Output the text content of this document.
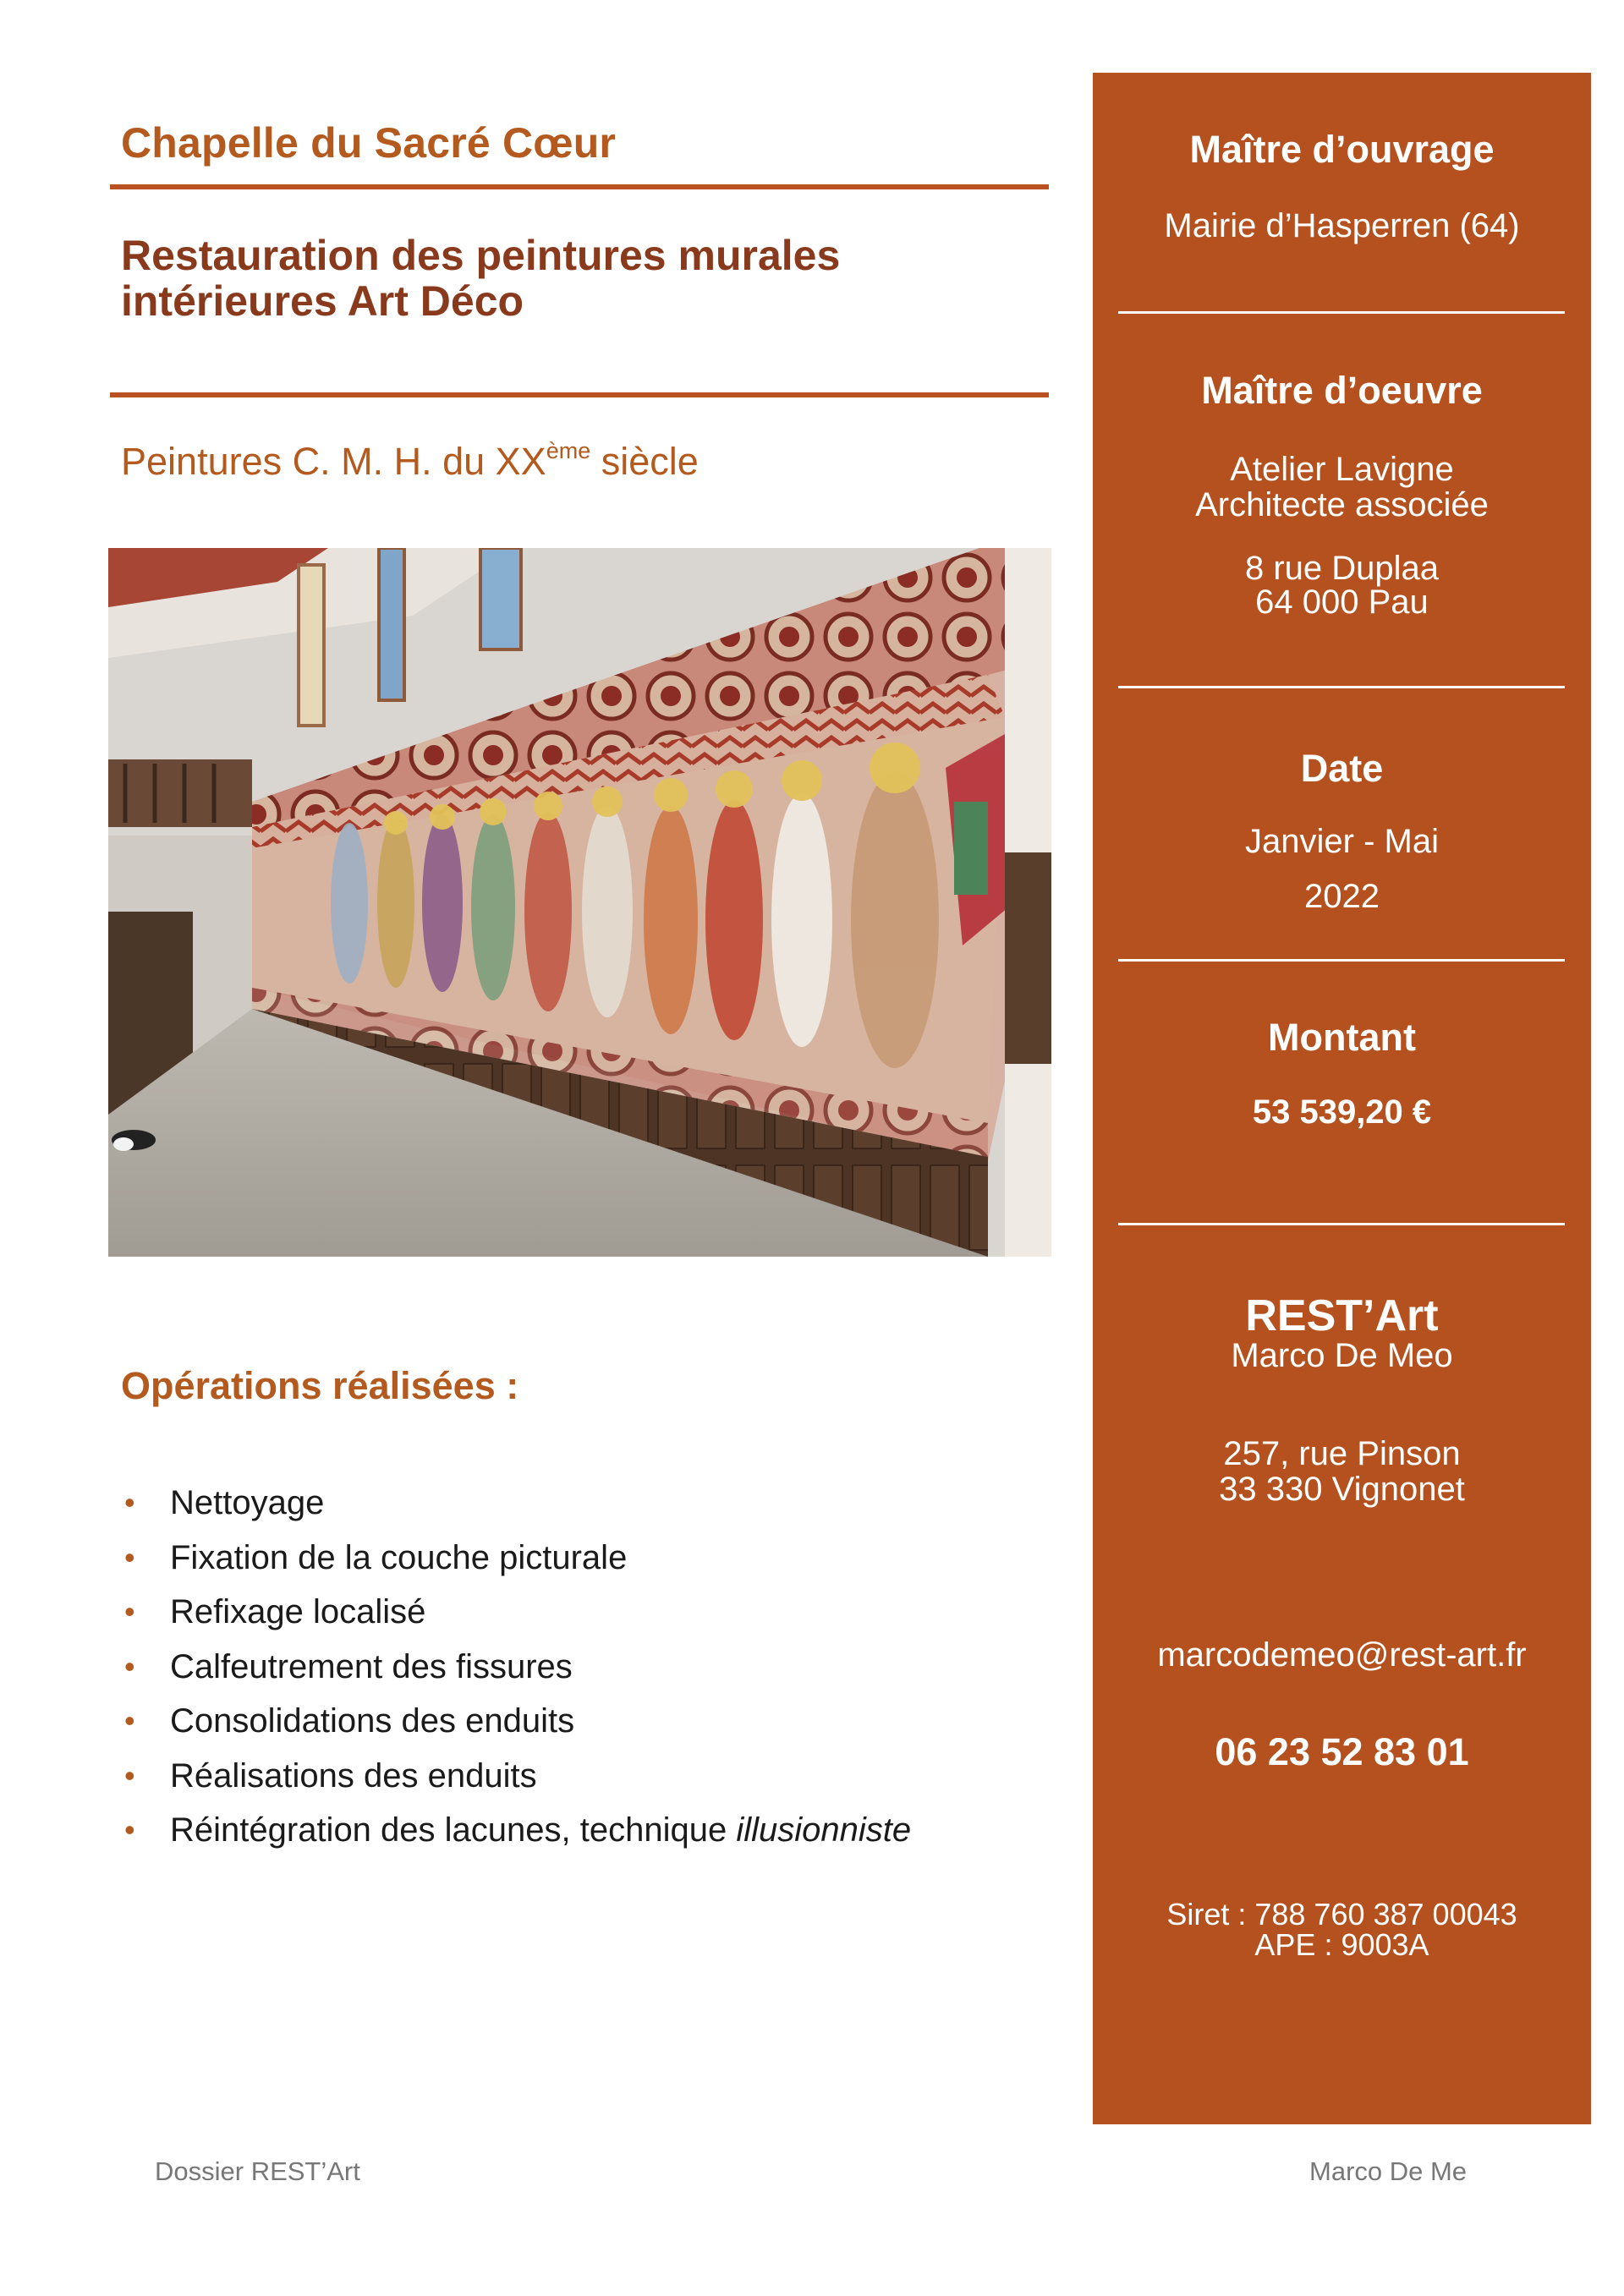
Chapelle du Sacré Cœur
Restauration des peintures murales
intérieures Art Déco

Peintures C. M. H. du XXème siècle

Opérations réalisées :
• Nettoyage
• Fixation de la couche picturale
• Refixage localisé
• Calfeutrement des fissures
• Consolidations des enduits
• Réalisations des enduits
• Réintégration des lacunes, technique illusionniste

Maître d’ouvrage

Mairie d’Hasperren (64)

Maître d’oeuvre

Atelier Lavigne

Architecte associée

8 rue Duplaa

64 000 Pau

Date

Janvier - Mai

2022

Montant

53 539,20 €

REST’Art

Marco De Meo

257, rue Pinson

33 330 Vignonet

marcodemeo@rest-art.fr

06 23 52 83 01

Siret : 788 760 387 00043

APE : 9003A

Dossier REST’Art	Marco De Me
